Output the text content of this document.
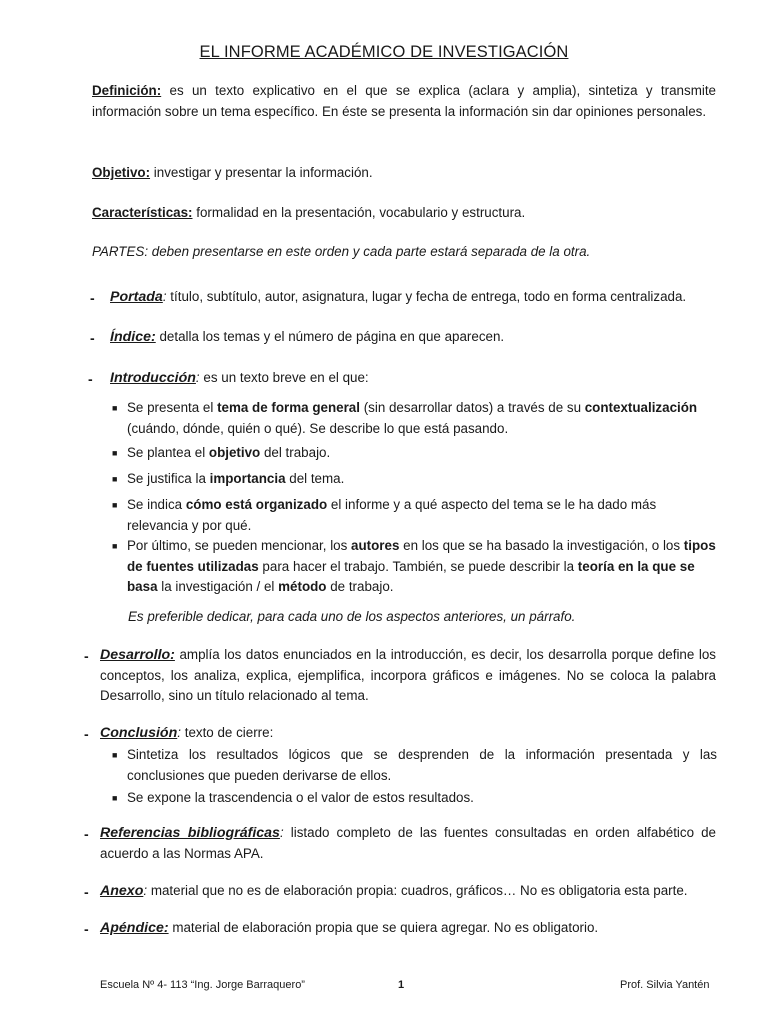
EL INFORME ACADÉMICO DE INVESTIGACIÓN
Definición: es un texto explicativo en el que se explica (aclara y amplia), sintetiza y transmite información sobre un tema específico. En éste se presenta la información sin dar opiniones personales.
Objetivo: investigar y presentar la información.
Características: formalidad en la presentación, vocabulario y estructura.
PARTES: deben presentarse en este orden y cada parte estará separada de la otra.
- Portada: título, subtítulo, autor, asignatura, lugar y fecha de entrega, todo en forma centralizada.
- Índice: detalla los temas y el número de página en que aparecen.
- Introducción: es un texto breve en el que:
■ Se presenta el tema de forma general (sin desarrollar datos) a través de su contextualización (cuándo, dónde, quién o qué). Se describe lo que está pasando.
■ Se plantea el objetivo del trabajo.
■ Se justifica la importancia del tema.
■ Se indica cómo está organizado el informe y a qué aspecto del tema se le ha dado más relevancia y por qué.
■ Por último, se pueden mencionar, los autores en los que se ha basado la investigación, o los tipos de fuentes utilizadas para hacer el trabajo. También, se puede describir la teoría en la que se basa la investigación / el método de trabajo.
Es preferible dedicar, para cada uno de los aspectos anteriores, un párrafo.
- Desarrollo: amplía los datos enunciados en la introducción, es decir, los desarrolla porque define los conceptos, los analiza, explica, ejemplifica, incorpora gráficos e imágenes. No se coloca la palabra Desarrollo, sino un título relacionado al tema.
- Conclusión: texto de cierre:
■ Sintetiza los resultados lógicos que se desprenden de la información presentada y las conclusiones que pueden derivarse de ellos.
■ Se expone la trascendencia o el valor de estos resultados.
- Referencias bibliográficas: listado completo de las fuentes consultadas en orden alfabético de acuerdo a las Normas APA.
- Anexo: material que no es de elaboración propia: cuadros, gráficos… No es obligatoria esta parte.
- Apéndice: material de elaboración propia que se quiera agregar. No es obligatorio.
Escuela Nº 4- 113 “Ing. Jorge Barraquero”	1	Prof. Silvia Yantén
